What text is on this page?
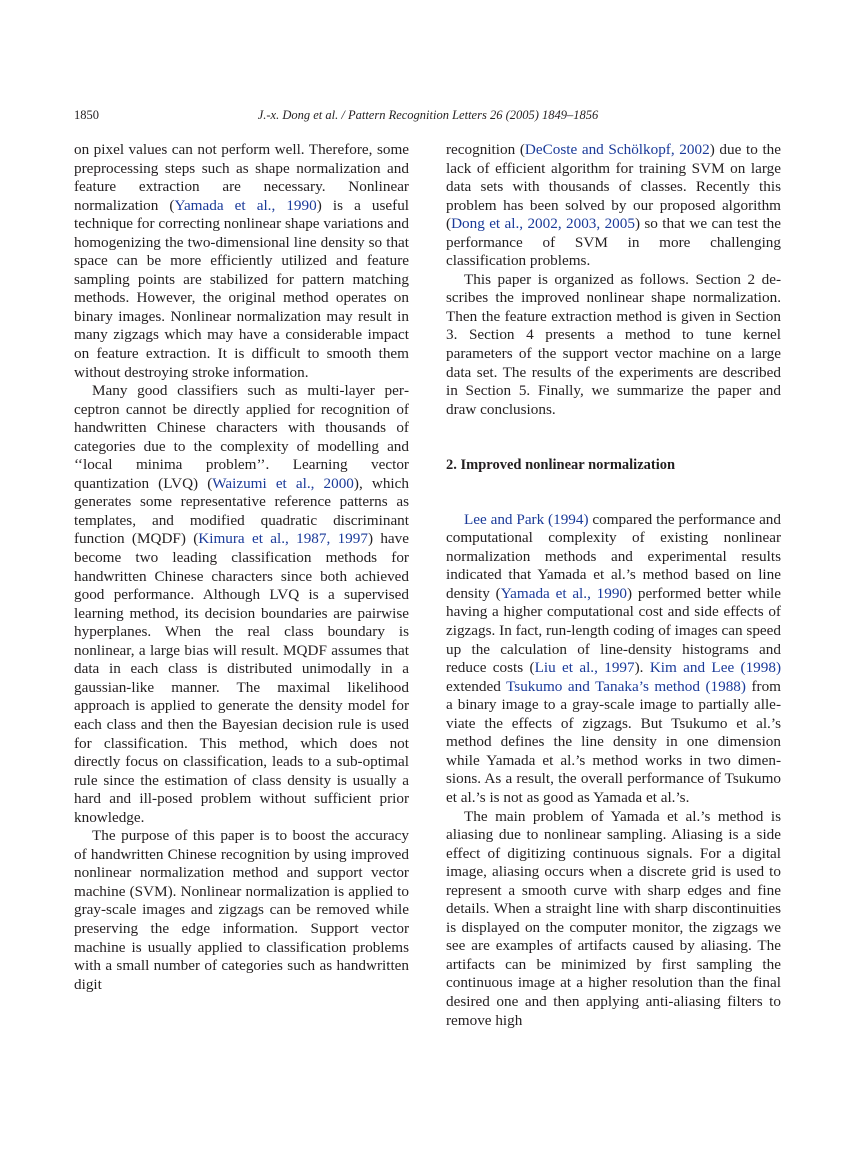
1850	J.-x. Dong et al. / Pattern Recognition Letters 26 (2005) 1849–1856

on pixel values can not perform well. Therefore, some preprocessing steps such as shape normalization and feature extraction are necessary. Nonlinear normalization (Yamada et al., 1990) is a useful technique for correcting nonlinear shape variations and homogenizing the two-dimensional line density so that space can be more efficiently utilized and feature sampling points are stabilized for pattern matching methods. However, the original method operates on binary images. Nonlinear normalization may result in many zigzags which may have a considerable impact on feature extraction. It is difficult to smooth them without destroying stroke information.

Many good classifiers such as multi-layer perceptron cannot be directly applied for recognition of handwritten Chinese characters with thousands of categories due to the complexity of modelling and ‘‘local minima problem’’. Learning vector quantization (LVQ) (Waizumi et al., 2000), which generates some representative reference patterns as templates, and modified quadratic discriminant function (MQDF) (Kimura et al., 1987, 1997) have become two leading classification methods for handwritten Chinese characters since both achieved good performance. Although LVQ is a supervised learning method, its decision boundaries are pairwise hyperplanes. When the real class boundary is nonlinear, a large bias will result. MQDF assumes that data in each class is distributed unimodally in a gaussian-like manner. The maximal likelihood approach is applied to generate the density model for each class and then the Bayesian decision rule is used for classification. This method, which does not directly focus on classification, leads to a sub-optimal rule since the estimation of class density is usually a hard and ill-posed problem without sufficient prior knowledge.

The purpose of this paper is to boost the accuracy of handwritten Chinese recognition by using improved nonlinear normalization method and support vector machine (SVM). Nonlinear normalization is applied to gray-scale images and zigzags can be removed while preserving the edge information. Support vector machine is usually applied to classification problems with a small number of categories such as handwritten digit

recognition (DeCoste and Schölkopf, 2002) due to the lack of efficient algorithm for training SVM on large data sets with thousands of classes. Recently this problem has been solved by our proposed algorithm (Dong et al., 2002, 2003, 2005) so that we can test the performance of SVM in more challenging classification problems.

This paper is organized as follows. Section 2 describes the improved nonlinear shape normalization. Then the feature extraction method is given in Section 3. Section 4 presents a method to tune kernel parameters of the support vector machine on a large data set. The results of the experiments are described in Section 5. Finally, we summarize the paper and draw conclusions.

2. Improved nonlinear normalization

Lee and Park (1994) compared the performance and computational complexity of existing nonlinear normalization methods and experimental results indicated that Yamada et al.’s method based on line density (Yamada et al., 1990) performed better while having a higher computational cost and side effects of zigzags. In fact, run-length coding of images can speed up the calculation of line-density histograms and reduce costs (Liu et al., 1997). Kim and Lee (1998) extended Tsukumo and Tanaka’s method (1988) from a binary image to a gray-scale image to partially alleviate the effects of zigzags. But Tsukumo et al.’s method defines the line density in one dimension while Yamada et al.’s method works in two dimensions. As a result, the overall performance of Tsukumo et al.’s is not as good as Yamada et al.’s.

The main problem of Yamada et al.’s method is aliasing due to nonlinear sampling. Aliasing is a side effect of digitizing continuous signals. For a digital image, aliasing occurs when a discrete grid is used to represent a smooth curve with sharp edges and fine details. When a straight line with sharp discontinuities is displayed on the computer monitor, the zigzags we see are examples of artifacts caused by aliasing. The artifacts can be minimized by first sampling the continuous image at a higher resolution than the final desired one and then applying anti-aliasing filters to remove high
